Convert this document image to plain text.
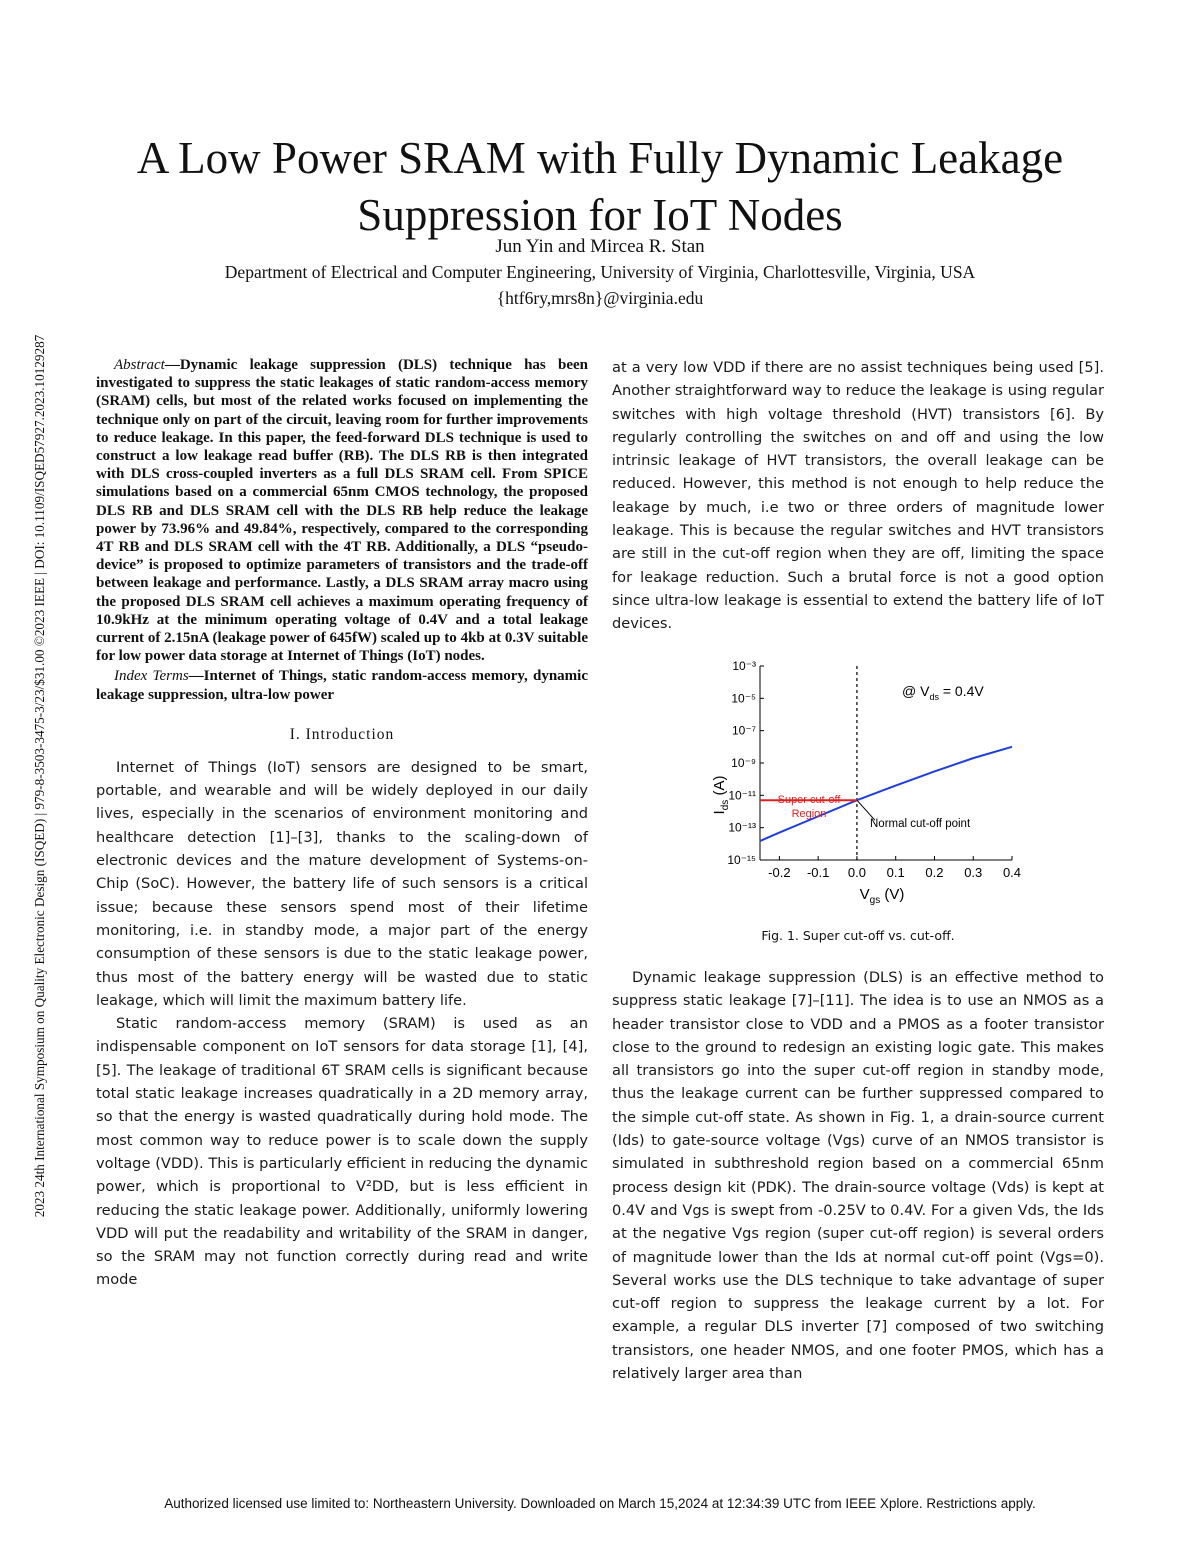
2023 24th International Symposium on Quality Electronic Design (ISQED) | 979-8-3503-3475-3/23/$31.00 ©2023 IEEE | DOI: 10.1109/ISQED57927.2023.10129287
A Low Power SRAM with Fully Dynamic Leakage Suppression for IoT Nodes
Jun Yin and Mircea R. Stan
Department of Electrical and Computer Engineering, University of Virginia, Charlottesville, Virginia, USA
{htf6ry,mrs8n}@virginia.edu

Abstract—Dynamic leakage suppression (DLS) technique has been investigated to suppress the static leakages of static random-access memory (SRAM) cells, but most of the related works focused on implementing the technique only on part of the circuit, leaving room for further improvements to reduce leakage. In this paper, the feed-forward DLS technique is used to construct a low leakage read buffer (RB). The DLS RB is then integrated with DLS cross-coupled inverters as a full DLS SRAM cell. From SPICE simulations based on a commercial 65nm CMOS technology, the proposed DLS RB and DLS SRAM cell with the DLS RB help reduce the leakage power by 73.96% and 49.84%, respectively, compared to the corresponding 4T RB and DLS SRAM cell with the 4T RB. Additionally, a DLS “pseudo-device” is proposed to optimize parameters of transistors and the trade-off between leakage and performance. Lastly, a DLS SRAM array macro using the proposed DLS SRAM cell achieves a maximum operating frequency of 10.9kHz at the minimum operating voltage of 0.4V and a total leakage current of 2.15nA (leakage power of 645fW) scaled up to 4kb at 0.3V suitable for low power data storage at Internet of Things (IoT) nodes.

Index Terms—Internet of Things, static random-access memory, dynamic leakage suppression, ultra-low power

I. Introduction

Internet of Things (IoT) sensors are designed to be smart, portable, and wearable and will be widely deployed in our daily lives, especially in the scenarios of environment monitoring and healthcare detection [1]–[3], thanks to the scaling-down of electronic devices and the mature development of Systems-on-Chip (SoC). However, the battery life of such sensors is a critical issue; because these sensors spend most of their lifetime monitoring, i.e. in standby mode, a major part of the energy consumption of these sensors is due to the static leakage power, thus most of the battery energy will be wasted due to static leakage, which will limit the maximum battery life.

Static random-access memory (SRAM) is used as an indispensable component on IoT sensors for data storage [1], [4], [5]. The leakage of traditional 6T SRAM cells is significant because total static leakage increases quadratically in a 2D memory array, so that the energy is wasted quadratically during hold mode. The most common way to reduce power is to scale down the supply voltage (VDD). This is particularly efficient in reducing the dynamic power, which is proportional to V²DD, but is less efficient in reducing the static leakage power. Additionally, uniformly lowering VDD will put the readability and writability of the SRAM in danger, so the SRAM may not function correctly during read and write mode

at a very low VDD if there are no assist techniques being used [5]. Another straightforward way to reduce the leakage is using regular switches with high voltage threshold (HVT) transistors [6]. By regularly controlling the switches on and off and using the low intrinsic leakage of HVT transistors, the overall leakage can be reduced. However, this method is not enough to help reduce the leakage by much, i.e two or three orders of magnitude lower leakage. This is because the regular switches and HVT transistors are still in the cut-off region when they are off, limiting the space for leakage reduction. Such a brutal force is not a good option since ultra-low leakage is essential to extend the battery life of IoT devices.

10⁻¹⁵
10⁻¹³
10⁻¹¹
10⁻⁹
10⁻⁷
10⁻⁵
10⁻³
-0.2 -0.1 0.0 0.1 0.2 0.3 0.4
@ $V_{ds} = 0.4V$
Super cut-off
Region
Normal cut-off point
$I_{ds}$ (A)
$V_{gs}$ (V)
Fig. 1. Super cut-off vs. cut-off.

Dynamic leakage suppression (DLS) is an effective method to suppress static leakage [7]–[11]. The idea is to use an NMOS as a header transistor close to VDD and a PMOS as a footer transistor close to the ground to redesign an existing logic gate. This makes all transistors go into the super cut-off region in standby mode, thus the leakage current can be further suppressed compared to the simple cut-off state. As shown in Fig. 1, a drain-source current (Ids) to gate-source voltage (Vgs) curve of an NMOS transistor is simulated in subthreshold region based on a commercial 65nm process design kit (PDK). The drain-source voltage (Vds) is kept at 0.4V and Vgs is swept from -0.25V to 0.4V. For a given Vds, the Ids at the negative Vgs region (super cut-off region) is several orders of magnitude lower than the Ids at normal cut-off point (Vgs=0). Several works use the DLS technique to take advantage of super cut-off region to suppress the leakage current by a lot. For example, a regular DLS inverter [7] composed of two switching transistors, one header NMOS, and one footer PMOS, which has a relatively larger area than

Authorized licensed use limited to: Northeastern University. Downloaded on March 15,2024 at 12:34:39 UTC from IEEE Xplore. Restrictions apply.
